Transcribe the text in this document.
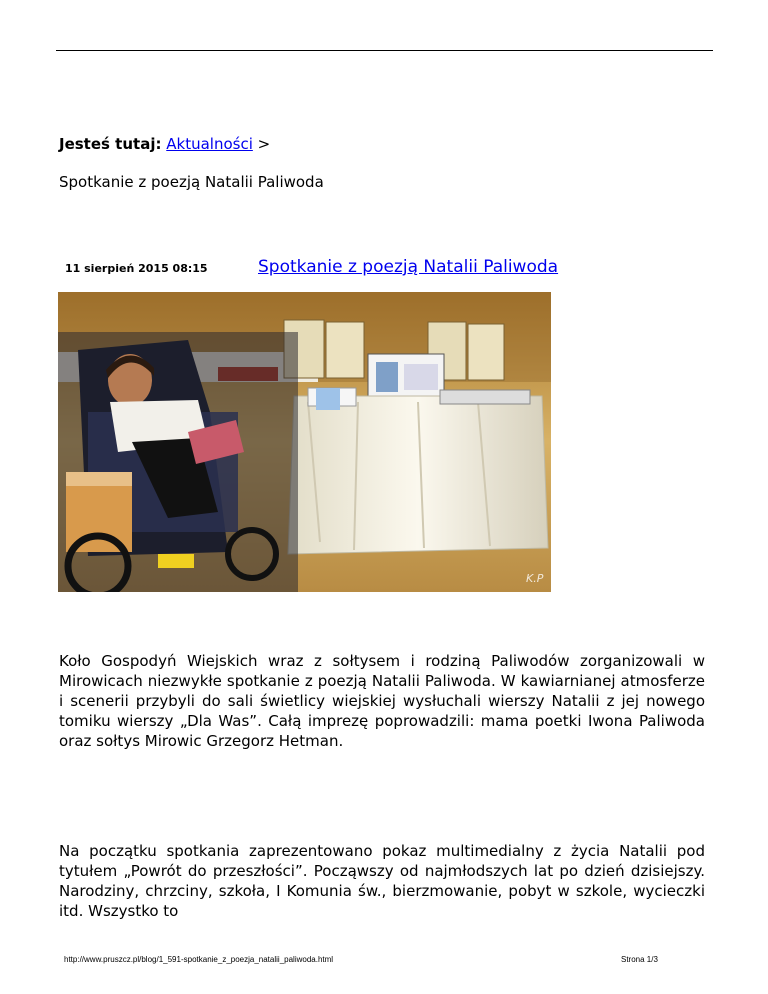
Jesteś tutaj: Aktualności >
Spotkanie z poezją Natalii Paliwoda
11 sierpień 2015 08:15	Spotkanie z poezją Natalii Paliwoda
K.P

Koło Gospodyń Wiejskich wraz z sołtysem i rodziną Paliwodów zorganizowali w Mirowicach niezwykłe spotkanie z poezją Natalii Paliwoda. W kawiarnianej atmosferze i scenerii przybyli do sali świetlicy wiejskiej wysłuchali wierszy Natalii z jej nowego tomiku wierszy „Dla Was”. Całą imprezę poprowadzili: mama poetki Iwona Paliwoda oraz sołtys Mirowic Grzegorz Hetman.

Na początku spotkania zaprezentowano pokaz multimedialny z życia Natalii pod tytułem „Powrót do przeszłości”. Począwszy od najmłodszych lat po dzień dzisiejszy. Narodziny, chrzciny, szkoła, I Komunia św., bierzmowanie, pobyt w szkole, wycieczki itd. Wszystko to

http://www.pruszcz.pl/blog/1_591-spotkanie_z_poezja_natalii_paliwoda.html	Strona 1/3
